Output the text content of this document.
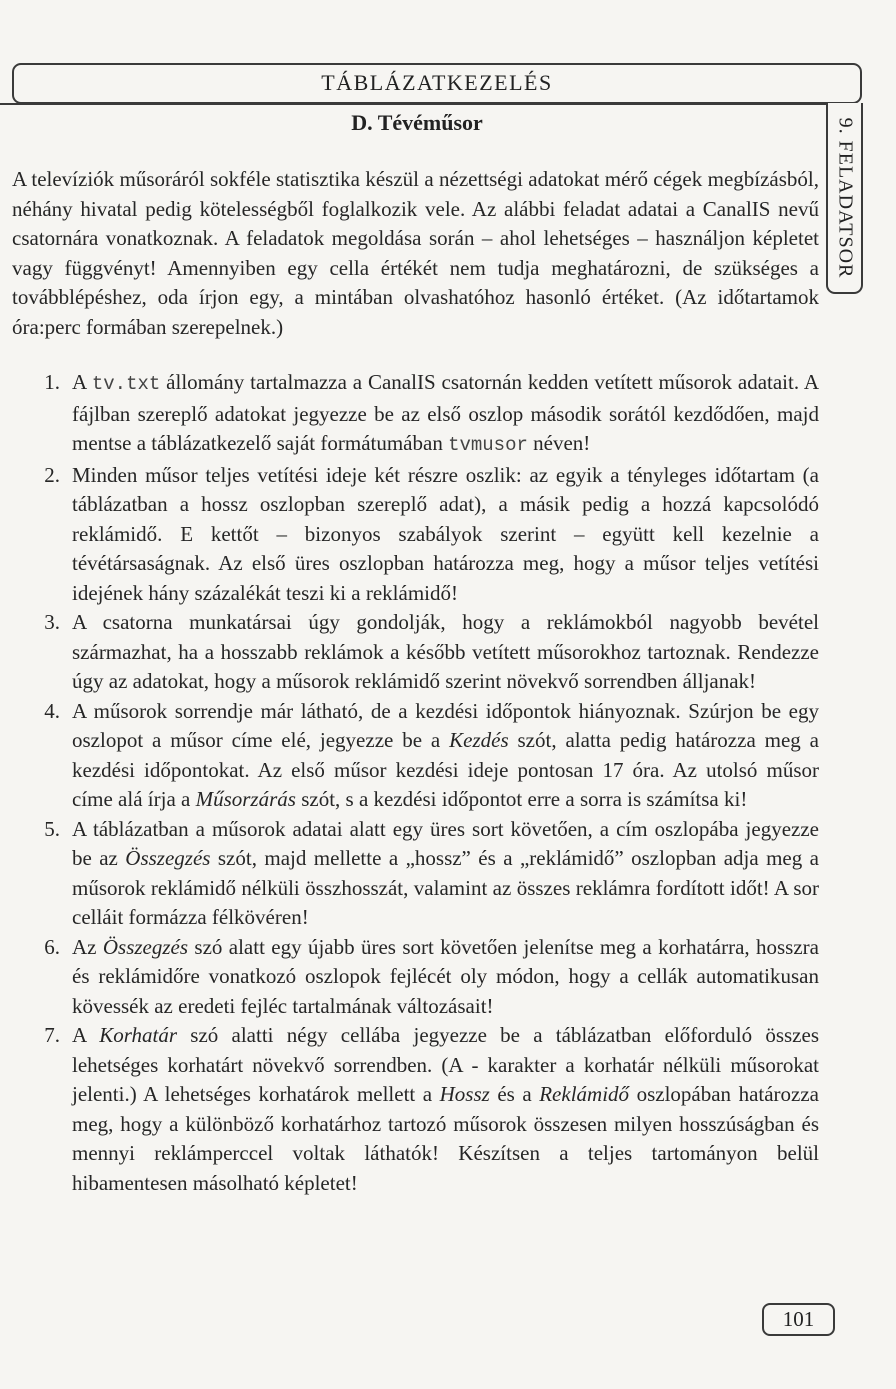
TÁBLÁZATKEZELÉS
9. FELADATSOR
D. Tévéműsor
A televíziók műsoráról sokféle statisztika készül a nézettségi adatokat mérő cégek megbízásból, néhány hivatal pedig kötelességből foglalkozik vele. Az alábbi feladat adatai a CanalIS nevű csatornára vonatkoznak. A feladatok megoldása során – ahol lehetséges – használjon képletet vagy függvényt! Amennyiben egy cella értékét nem tudja meghatározni, de szükséges a továbblépéshez, oda írjon egy, a mintában olvashatóhoz hasonló értéket. (Az időtartamok óra:perc formában szerepelnek.)
1. A tv.txt állomány tartalmazza a CanalIS csatornán kedden vetített műsorok adatait. A fájlban szereplő adatokat jegyezze be az első oszlop második sorától kezdődően, majd mentse a táblázatkezelő saját formátumában tvmusor néven!
2. Minden műsor teljes vetítési ideje két részre oszlik: az egyik a tényleges időtartam (a táblázatban a hossz oszlopban szereplő adat), a másik pedig a hozzá kapcsolódó reklámidő. E kettőt – bizonyos szabályok szerint – együtt kell kezelnie a tévétársaságnak. Az első üres oszlopban határozza meg, hogy a műsor teljes vetítési idejének hány százalékát teszi ki a reklámidő!
3. A csatorna munkatársai úgy gondolják, hogy a reklámokból nagyobb bevétel származhat, ha a hosszabb reklámok a később vetített műsorokhoz tartoznak. Rendezze úgy az adatokat, hogy a műsorok reklámidő szerint növekvő sorrendben álljanak!
4. A műsorok sorrendje már látható, de a kezdési időpontok hiányoznak. Szúrjon be egy oszlopot a műsor címe elé, jegyezze be a Kezdés szót, alatta pedig határozza meg a kezdési időpontokat. Az első műsor kezdési ideje pontosan 17 óra. Az utolsó műsor címe alá írja a Műsorzárás szót, s a kezdési időpontot erre a sorra is számítsa ki!
5. A táblázatban a műsorok adatai alatt egy üres sort követően, a cím oszlopába jegyezze be az Összegzés szót, majd mellette a „hossz” és a „reklámidő” oszlopban adja meg a műsorok reklámidő nélküli összhosszát, valamint az összes reklámra fordított időt! A sor celláit formázza félkövéren!
6. Az Összegzés szó alatt egy újabb üres sort követően jelenítse meg a korhatárra, hosszra és reklámidőre vonatkozó oszlopok fejlécét oly módon, hogy a cellák automatikusan kövessék az eredeti fejléc tartalmának változásait!
7. A Korhatár szó alatti négy cellába jegyezze be a táblázatban előforduló összes lehetséges korhatárt növekvő sorrendben. (A - karakter a korhatár nélküli műsorokat jelenti.) A lehetséges korhatárok mellett a Hossz és a Reklámidő oszlopában határozza meg, hogy a különböző korhatárhoz tartozó műsorok összesen milyen hosszúságban és mennyi reklámperccel voltak láthatók! Készítsen a teljes tartományon belül hibamentesen másolható képletet!
101
